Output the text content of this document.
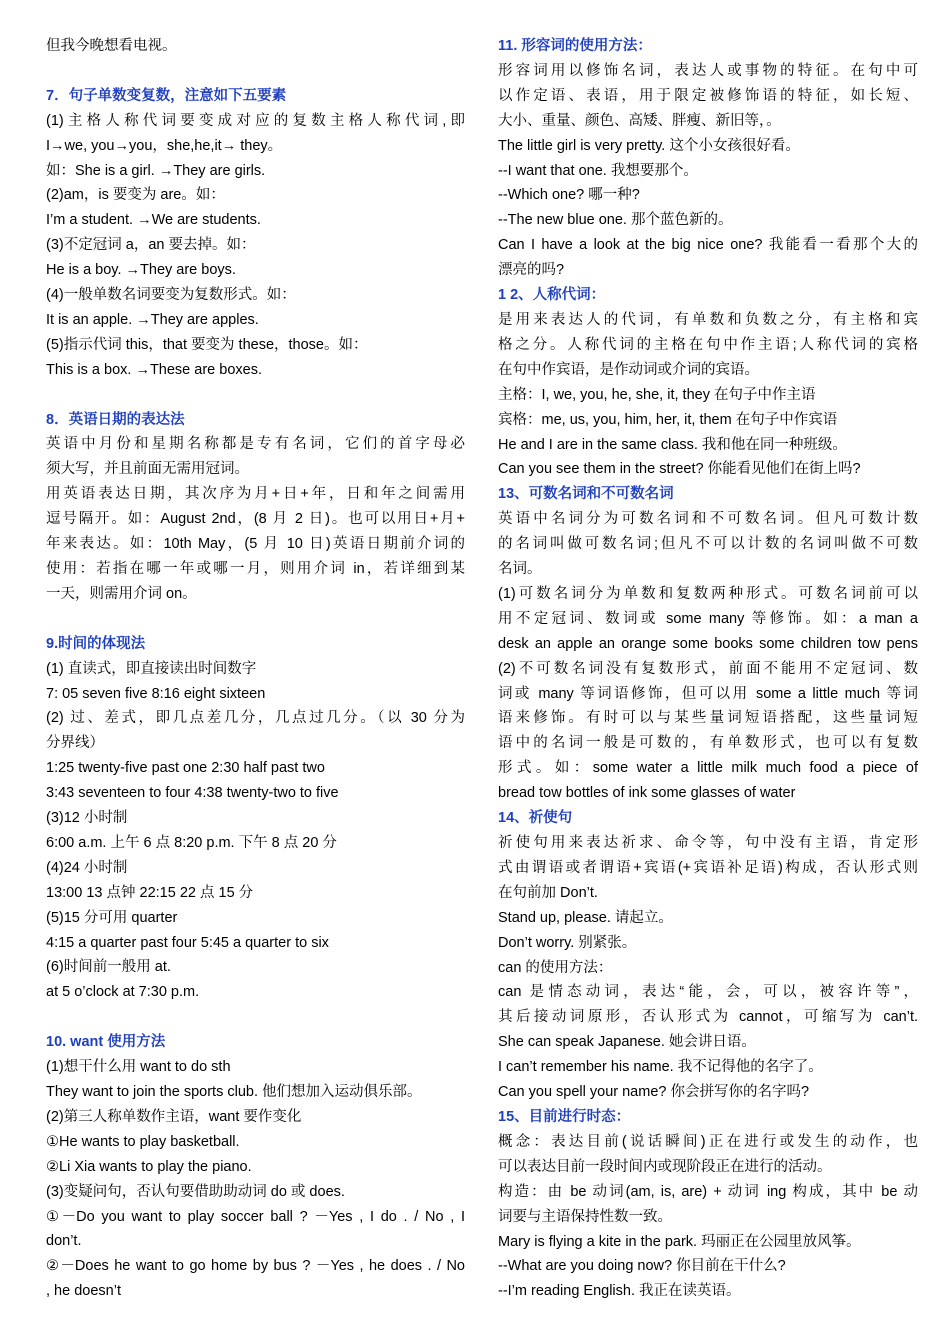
但我今晚想看电视。
7．句子单数变复数，注意如下五要素
(1)主格人称代词要变成对应的复数主格人称代词,即
I→we, you→you，she,he,it→ they。
如：She is a girl. →They are girls.
(2)am，is 要变为 are。如：
I’m a student. →We are students.
(3)不定冠词 a，an 要去掉。如：
He is a boy. →They are boys.
(4)一般单数名词要变为复数形式。如：
It is an apple. →They are apples.
(5)指示代词 this，that 要变为 these，those。如：
This is a box. →These are boxes.
8．英语日期的表达法
英语中月份和星期名称都是专有名词，它们的首字母必
须大写，并且前面无需用冠词。
用英语表达日期，其次序为月+日+年，日和年之间需用
逗号隔开。如：August 2nd，(8 月 2 日)。也可以用日+月+
年来表达。如：10th May，(5 月 10 日)英语日期前介词的
使用：若指在哪一年或哪一月，则用介词 in，若详细到某
一天，则需用介词 on。
9.时间的体现法
(1) 直读式，即直接读出时间数字
7: 05 seven five 8:16 eight sixteen
(2) 过、差式，即几点差几分，几点过几分。（以 30 分为
分界线）
1:25 twenty-five past one 2:30 half past two
3:43 seventeen to four 4:38 twenty-two to five
(3)12 小时制
6:00 a.m. 上午 6 点 8:20 p.m. 下午 8 点 20 分
(4)24 小时制
13:00 13 点钟 22:15 22 点 15 分
(5)15 分可用 quarter
4:15 a quarter past four 5:45 a quarter to six
(6)时间前一般用 at.
at 5 o’clock at 7:30 p.m.
10. want 使用方法
(1)想干什么用 want to do sth
They want to join the sports club. 他们想加入运动俱乐部。
(2)第三人称单数作主语，want 要作变化
①He wants to play basketball.
②Li Xia wants to play the piano.
(3)变疑问句，否认句要借助助动词 do 或 does.
①－Do you want to play soccer ball ? －Yes , I do . / No , I
don’t.
②－Does he want to go home by bus ? －Yes , he does . / No
, he doesn’t
11. 形容词的使用方法：
形容词用以修饰名词，表达人或事物的特征。在句中可
以作定语、表语，用于限定被修饰语的特征，如长短、
大小、重量、颜色、高矮、胖瘦、新旧等，。
The little girl is very pretty. 这个小女孩很好看。
--I want that one. 我想要那个。
--Which one? 哪一种?
--The new blue one. 那个蓝色新的。
Can I have a look at the big nice one? 我能看一看那个大的
漂亮的吗?
1 2、人称代词：
是用来表达人的代词，有单数和负数之分，有主格和宾
格之分。人称代词的主格在句中作主语;人称代词的宾格
在句中作宾语，是作动词或介词的宾语。
主格：I, we, you, he, she, it, they 在句子中作主语
宾格：me, us, you, him, her, it, them 在句子中作宾语
He and I are in the same class. 我和他在同一种班级。
Can you see them in the street? 你能看见他们在街上吗?
13、可数名词和不可数名词
英语中名词分为可数名词和不可数名词。但凡可数计数
的名词叫做可数名词;但凡不可以计数的名词叫做不可数
名词。
(1)可数名词分为单数和复数两种形式。可数名词前可以
用不定冠词、数词或 some many 等修饰。如：a man a
desk an apple an orange some books some children tow pens
(2)不可数名词没有复数形式，前面不能用不定冠词、数
词或 many 等词语修饰，但可以用 some a little much 等词
语来修饰。有时可以与某些量词短语搭配，这些量词短
语中的名词一般是可数的，有单数形式，也可以有复数
形式。如：some water a little milk much food a piece of
bread tow bottles of ink some glasses of water
14、祈使句
祈使句用来表达祈求、命令等，句中没有主语，肯定形
式由谓语或者谓语+宾语(+宾语补足语)构成，否认形式则
在句前加 Don’t.
Stand up, please. 请起立。
Don’t worry. 别紧张。
can 的使用方法：
can 是情态动词，表达“能，会，可以，被容许等”，
其后接动词原形，否认形式为 cannot，可缩写为 can’t.
She can speak Japanese. 她会讲日语。
I can’t remember his name. 我不记得他的名字了。
Can you spell your name? 你会拼写你的名字吗?
15、目前进行时态：
概念：表达目前(说话瞬间)正在进行或发生的动作，也
可以表达目前一段时间内或现阶段正在进行的活动。
构造：由 be 动词(am, is, are) + 动词 ing 构成，其中 be 动
词要与主语保持性数一致。
Mary is flying a kite in the park. 玛丽正在公园里放风筝。
--What are you doing now? 你目前在干什么?
--I’m reading English. 我正在读英语。
